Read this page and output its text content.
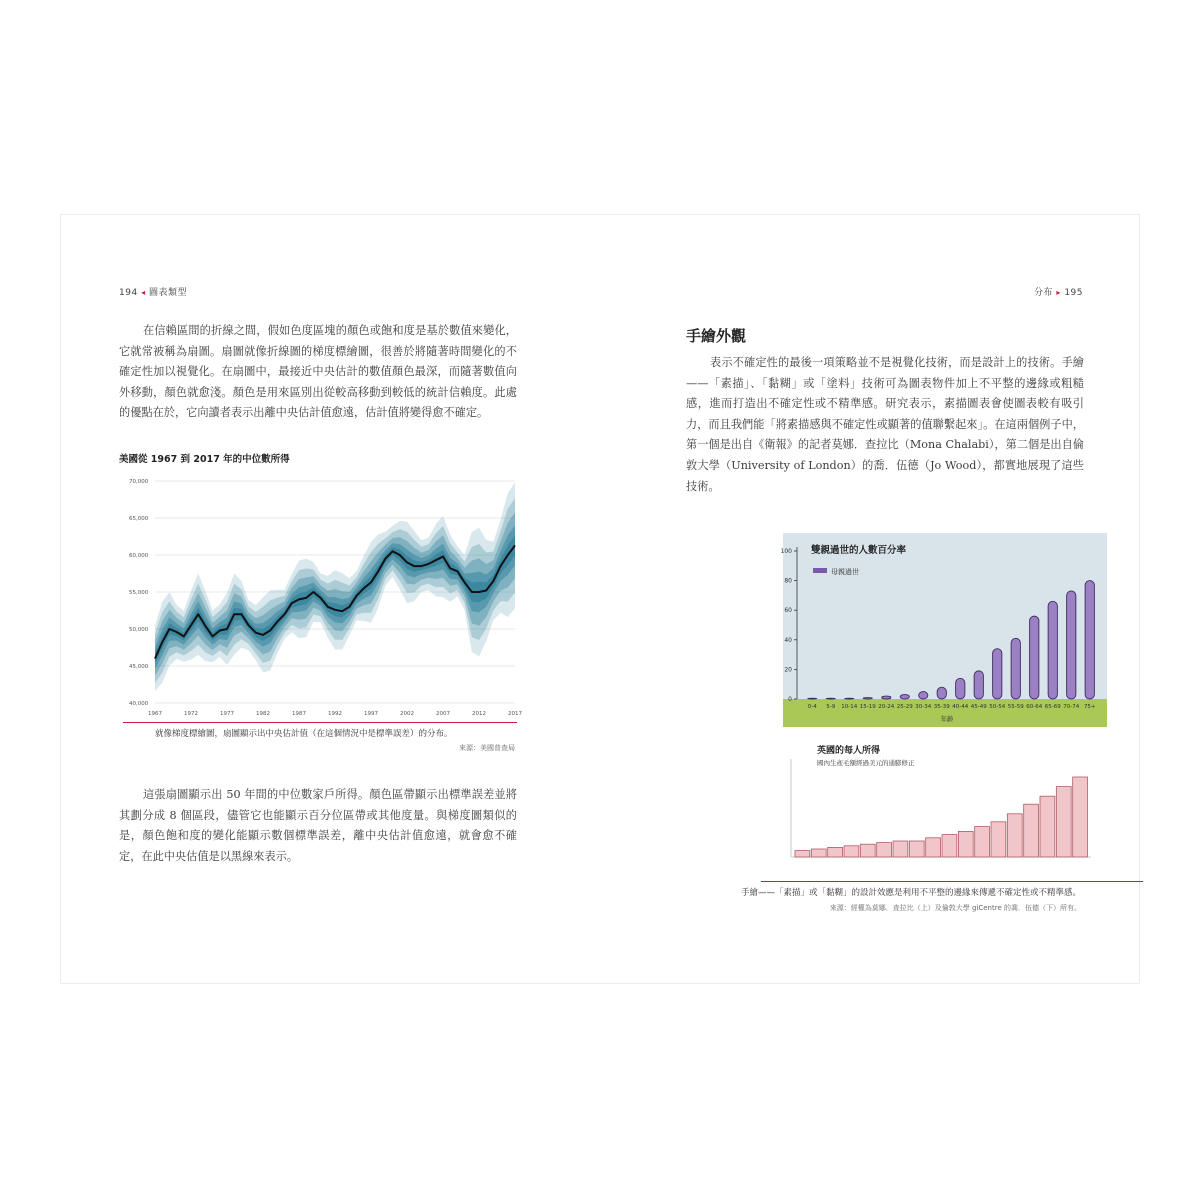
194 ◂ 圖表類型
在信賴區間的折線之間，假如色度區塊的顏色或飽和度是基於數值來變化，它就常被稱為扇圖。扇圖就像折線圖的梯度標繪圖，很善於將隨著時間變化的不確定性加以視覺化。在扇圖中，最接近中央估計的數值顏色最深，而隨著數值向外移動，顏色就愈淺。顏色是用來區別出從較高移動到較低的統計信賴度。此處的優點在於，它向讀者表示出離中央估計值愈遠，估計值將變得愈不確定。
美國從 1967 到 2017 年的中位數所得
40,000
45,000
50,000
55,000
60,000
65,000
70,000
1967	1972	1977	1982	1987	1992	1997	2002	2007	2012	2017
就像梯度標繪圖，扇圖顯示出中央估計值（在這個情況中是標準誤差）的分布。
來源：美國普查局
這張扇圖顯示出 50 年間的中位數家戶所得。顏色區帶顯示出標準誤差並將其劃分成 8 個區段，儘管它也能顯示百分位區帶或其他度量。與梯度圖類似的是，顏色飽和度的變化能顯示數個標準誤差，離中央估計值愈遠，就會愈不確定，在此中央估值是以黑線來表示。
分布 ▸ 195
手繪外觀
表示不確定性的最後一項策略並不是視覺化技術，而是設計上的技術。手繪——「素描」、「黏糊」或「塗料」技術可為圖表物件加上不平整的邊緣或粗糙感，進而打造出不確定性或不精準感。研究表示，素描圖表會使圖表較有吸引力，而且我們能「將素描感與不確定性或顯著的值聯繫起來」。在這兩個例子中，第一個是出自《衛報》的記者莫娜．查拉比（Mona Chalabi），第二個是出自倫敦大學（University of London）的喬．伍德（Jo Wood），都實地展現了這些技術。
雙親過世的人數百分率
母親過世
0
20
40
60
80
100
0-4 5-9 10-14 15-19 20-24 25-29 30-34 35-39 40-44 45-49 50-54 55-59 60-64 65-69 70-74 75+
年齡
英國的每人所得
國內生產毛額經過美元的通膨修正
手繪——「素描」或「黏糊」的設計效應是利用不平整的邊緣來傳遞不確定性或不精準感。
來源：經權為莫娜．查拉比（上）及倫敦大學 giCentre 的喬．伍德（下）所有。
